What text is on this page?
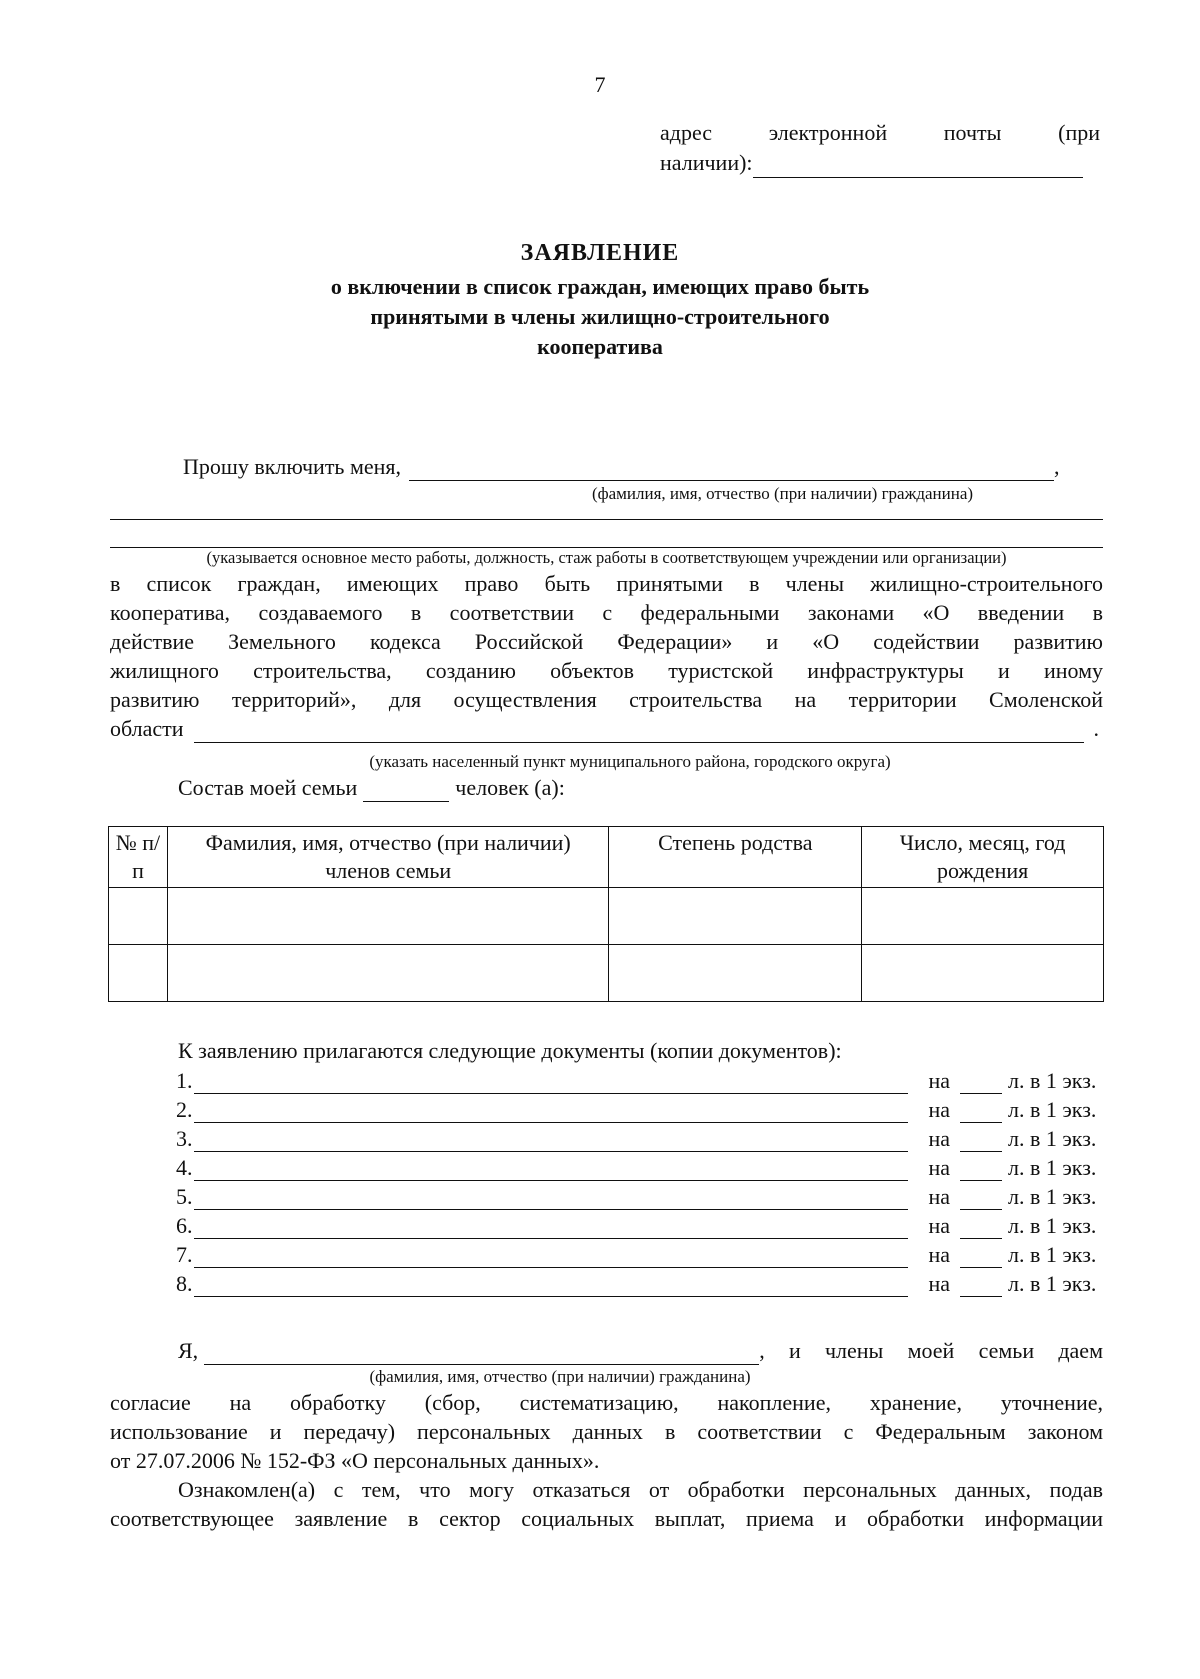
7
адрес	электронной	почты	(при
наличии):
ЗАЯВЛЕНИЕ
о включении в список граждан, имеющих право быть
принятыми в члены жилищно-строительного
кооператива
Прошу включить меня,	,
(фамилия, имя, отчество (при наличии) гражданина)
(указывается основное место работы, должность, стаж работы в соответствующем учреждении или организации)
в список граждан, имеющих право быть принятыми в члены жилищно-строительного
кооператива, создаваемого в соответствии с федеральными законами «О введении в
действие Земельного кодекса Российской Федерации» и «О содействии развитию
жилищного строительства, созданию объектов туристской инфраструктуры и иному
развитию территорий», для осуществления строительства на территории Смоленской
области	.
(указать населенный пункт муниципального района, городского округа)
Состав моей семьи	человек (а):
№ п/п	Фамилия, имя, отчество (при наличии) членов семьи	Степень родства	Число, месяц, год рождения

К заявлению прилагаются следующие документы (копии документов):
1.	на	л. в 1 экз.
2.	на	л. в 1 экз.
3.	на	л. в 1 экз.
4.	на	л. в 1 экз.
5.	на	л. в 1 экз.
6.	на	л. в 1 экз.
7.	на	л. в 1 экз.
8.	на	л. в 1 экз.
Я,	, и члены моей семьи даем
(фамилия, имя, отчество (при наличии) гражданина)
согласие на обработку (сбор, систематизацию, накопление, хранение, уточнение,
использование и передачу) персональных данных в соответствии с Федеральным законом
от 27.07.2006 № 152-ФЗ «О персональных данных».
Ознакомлен(а) с тем, что могу отказаться от обработки персональных данных, подав
соответствующее заявление в сектор социальных выплат, приема и обработки информации
